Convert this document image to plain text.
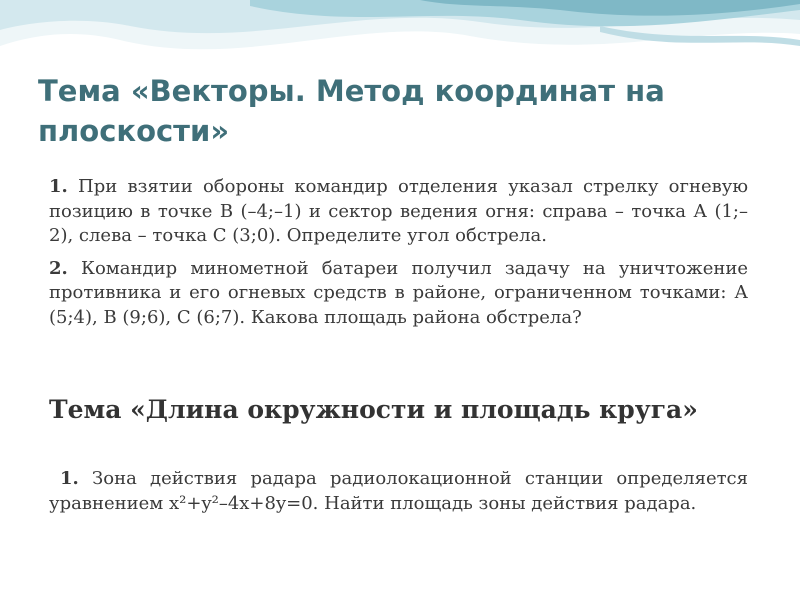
Тема «Векторы. Метод координат на плоскости»

1. При взятии обороны командир отделения указал стрелку огневую позицию в точке В (–4;–1) и сектор ведения огня: справа – точка А (1;–2), слева – точка С (3;0). Определите угол обстрела.

2. Командир минометной батареи получил задачу на уничтожение противника и его огневых средств в районе, ограниченном точками: А (5;4), В (9;6), С (6;7). Какова площадь района обстрела?

Тема «Длина окружности и площадь круга»

1. Зона действия радара радиолокационной станции определяется уравнением x²+y²–4x+8y=0. Найти площадь зоны действия радара.
